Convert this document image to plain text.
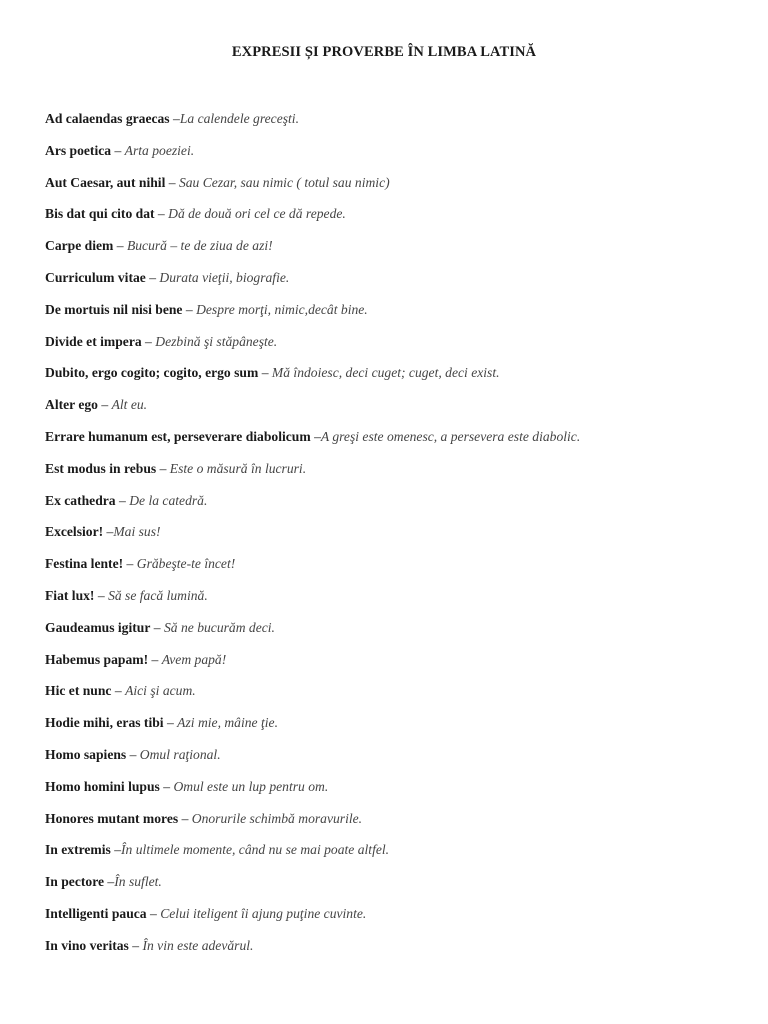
EXPRESII ȘI PROVERBE ÎN LIMBA LATINĂ
Ad calaendas graecas –La calendele greceşti.
Ars poetica – Arta poeziei.
Aut Caesar, aut nihil – Sau Cezar, sau nimic ( totul sau nimic)
Bis dat qui cito dat – Dă de două ori cel ce dă repede.
Carpe diem – Bucură – te de ziua de azi!
Curriculum vitae – Durata vieţii, biografie.
De mortuis nil nisi bene – Despre morţi, nimic,decât bine.
Divide et impera – Dezbină şi stăpâneşte.
Dubito, ergo cogito; cogito, ergo sum – Mă îndoiesc, deci cuget; cuget, deci exist.
Alter ego – Alt eu.
Errare humanum est, perseverare diabolicum –A greşi este omenesc, a persevera este diabolic.
Est modus in rebus – Este o măsură în lucruri.
Ex cathedra – De la catedră.
Excelsior! –Mai sus!
Festina lente! – Grăbeşte-te încet!
Fiat lux! – Să se facă lumină.
Gaudeamus igitur – Să ne bucurăm deci.
Habemus papam! – Avem papă!
Hic et nunc – Aici şi acum.
Hodie mihi, eras tibi – Azi mie, mâine ţie.
Homo sapiens – Omul raţional.
Homo homini lupus – Omul este un lup pentru om.
Honores mutant mores – Onorurile schimbă moravurile.
In extremis –În ultimele momente, când nu se mai poate altfel.
In pectore –În suflet.
Intelligenti pauca – Celui iteligent îi ajung puţine cuvinte.
In vino veritas – În vin este adevărul.
